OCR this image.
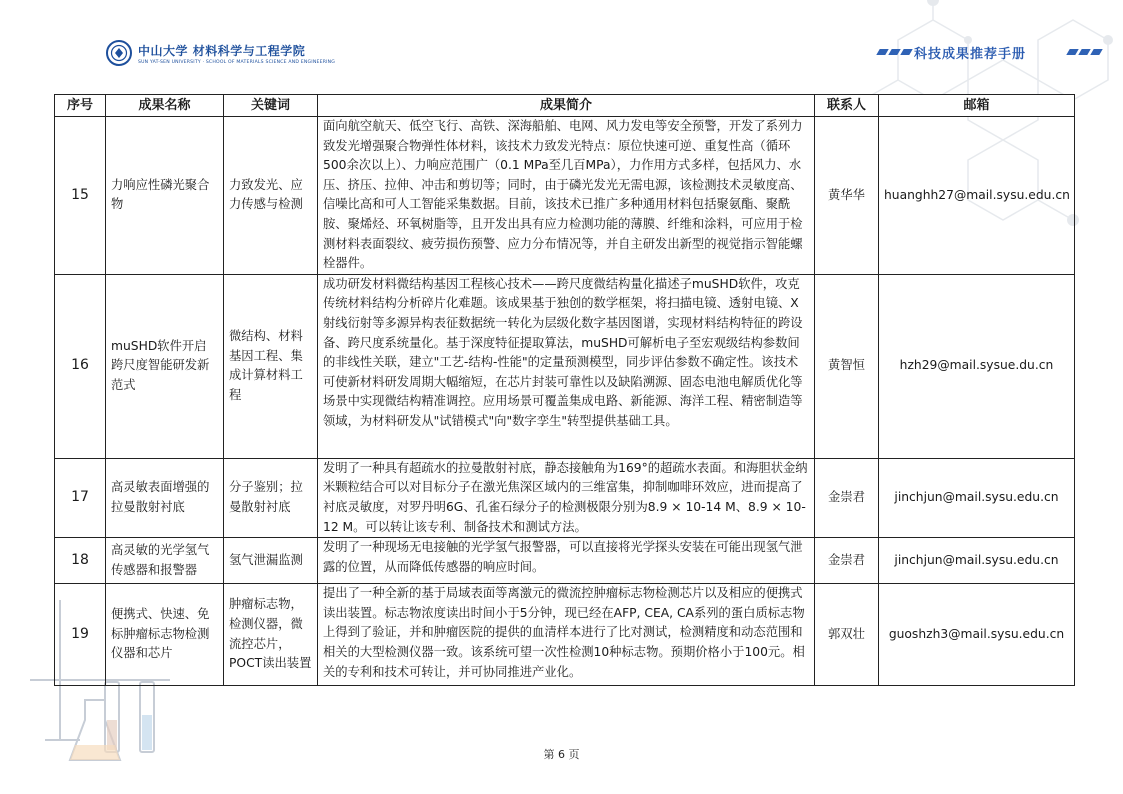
中山大学 材料科学与工程学院
SUN YAT-SEN UNIVERSITY · SCHOOL OF MATERIALS SCIENCE AND ENGINEERING	科技成果推荐手册
序号	成果名称	关键词	成果简介	联系人	邮箱
15	力响应性磷光聚合物	力致发光、应力传感与检测	面向航空航天、低空飞行、高铁、深海船舶、电网、风力发电等安全预警，开发了系列力致发光增强聚合物弹性体材料，该技术力致发光特点：原位快速可逆、重复性高（循环500余次以上）、力响应范围广（0.1 MPa至几百MPa），力作用方式多样，包括风力、水压、挤压、拉伸、冲击和剪切等；同时，由于磷光发光无需电源，该检测技术灵敏度高、信噪比高和可人工智能采集数据。目前，该技术已推广多种通用材料包括聚氨酯、聚酰胺、聚烯烃、环氧树脂等，且开发出具有应力检测功能的薄膜、纤维和涂料，可应用于检测材料表面裂纹、疲劳损伤预警、应力分布情况等，并自主研发出新型的视觉指示智能螺栓器件。	黄华华	huanghh27@mail.sysu.edu.cn
16	muSHD软件开启跨尺度智能研发新范式	微结构、材料基因工程、集成计算材料工程	成功研发材料微结构基因工程核心技术——跨尺度微结构量化描述子muSHD软件，攻克传统材料结构分析碎片化难题。该成果基于独创的数学框架，将扫描电镜、透射电镜、X射线衍射等多源异构表征数据统一转化为层级化数字基因图谱，实现材料结构特征的跨设备、跨尺度系统量化。基于深度特征提取算法，muSHD可解析电子至宏观级结构参数间的非线性关联，建立"工艺-结构-性能"的定量预测模型，同步评估参数不确定性。该技术可使新材料研发周期大幅缩短，在芯片封装可靠性以及缺陷溯源、固态电池电解质优化等场景中实现微结构精准调控。应用场景可覆盖集成电路、新能源、海洋工程、精密制造等领域，为材料研发从"试错模式"向"数字孪生"转型提供基础工具。	黄智恒	hzh29@mail.sysue.du.cn
17	高灵敏表面增强的拉曼散射衬底	分子鉴别；拉曼散射衬底	发明了一种具有超疏水的拉曼散射衬底，静态接触角为169°的超疏水表面。和海胆状金纳米颗粒结合可以对目标分子在激光焦深区域内的三维富集，抑制咖啡环效应，进而提高了衬底灵敏度，对罗丹明6G、孔雀石绿分子的检测极限分别为8.9 × 10-14 M、8.9 × 10-12 M。可以转让该专利、制备技术和测试方法。	金崇君	jinchjun@mail.sysu.edu.cn
18	高灵敏的光学氢气传感器和报警器	氢气泄漏监测	发明了一种现场无电接触的光学氢气报警器，可以直接将光学探头安装在可能出现氢气泄露的位置，从而降低传感器的响应时间。	金崇君	jinchjun@mail.sysu.edu.cn
19	便携式、快速、免标肿瘤标志物检测仪器和芯片	肿瘤标志物，检测仪器，微流控芯片，POCT读出装置	提出了一种全新的基于局域表面等离激元的微流控肿瘤标志物检测芯片以及相应的便携式读出装置。标志物浓度读出时间小于5分钟，现已经在AFP, CEA, CA系列的蛋白质标志物上得到了验证，并和肿瘤医院的提供的血清样本进行了比对测试，检测精度和动态范围和相关的大型检测仪器一致。该系统可望一次性检测10种标志物。预期价格小于100元。相关的专利和技术可转让，并可协同推进产业化。	郭双壮	guoshzh3@mail.sysu.edu.cn
第 6 页
